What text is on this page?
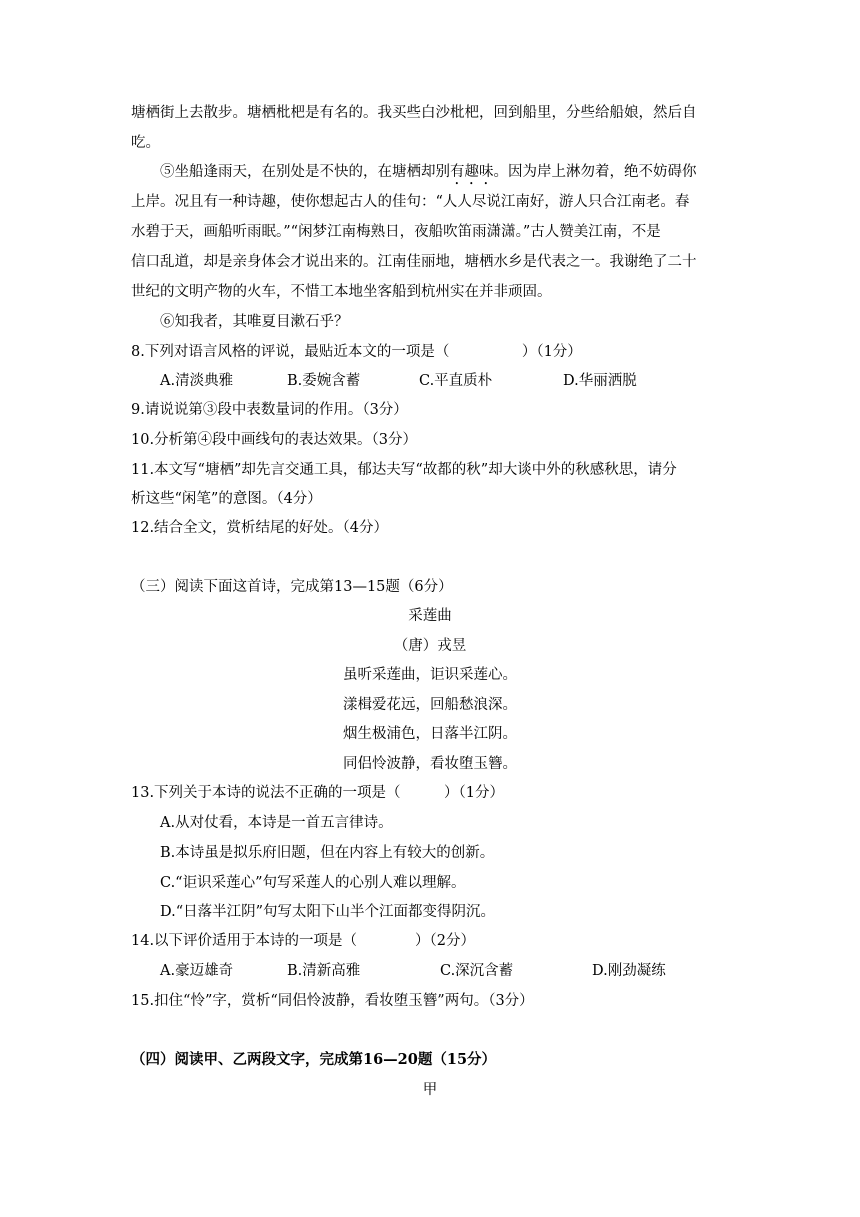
塘栖街上去散步。塘栖枇杷是有名的。我买些白沙枇杷，回到船里，分些给船娘，然后自
吃。
⑤坐船逢雨天，在别处是不快的，在塘栖却别有趣味。因为岸上淋勿着，绝不妨碍你
上岸。况且有一种诗趣，使你想起古人的佳句：“人人尽说江南好，游人只合江南老。春
水碧于天，画船听雨眠。”“闲梦江南梅熟日，夜船吹笛雨潇潇。”古人赞美江南，不是
信口乱道，却是亲身体会才说出来的。江南佳丽地，塘栖水乡是代表之一。我谢绝了二十
世纪的文明产物的火车，不惜工本地坐客船到杭州实在并非顽固。
⑥知我者，其唯夏目漱石乎？
8.下列对语言风格的评说，最贴近本文的一项是（　　　　　）（1分）
A.清淡典雅	B.委婉含蓄	C.平直质朴	D.华丽洒脱
9.请说说第③段中表数量词的作用。（3分）
10.分析第④段中画线句的表达效果。（3分）
11.本文写“塘栖”却先言交通工具，郁达夫写“故都的秋”却大谈中外的秋感秋思，请分
析这些“闲笔”的意图。（4分）
12.结合全文，赏析结尾的好处。（4分）
（三）阅读下面这首诗，完成第13—15题（6分）
采莲曲
（唐）戎昱
虽听采莲曲，讵识采莲心。
漾楫爱花远，回船愁浪深。
烟生极浦色，日落半江阴。
同侣怜波静，看妆堕玉簪。
13.下列关于本诗的说法不正确的一项是（　　　）（1分）
A.从对仗看，本诗是一首五言律诗。
B.本诗虽是拟乐府旧题，但在内容上有较大的创新。
C.“讵识采莲心”句写采莲人的心别人难以理解。
D.“日落半江阴”句写太阳下山半个江面都变得阴沉。
14.以下评价适用于本诗的一项是（　　　　）（2分）
A.豪迈雄奇	B.清新高雅	C.深沉含蓄	D.刚劲凝练
15.扣住“怜”字，赏析“同侣怜波静，看妆堕玉簪”两句。（3分）
（四）阅读甲、乙两段文字，完成第16—20题（15分）
甲
